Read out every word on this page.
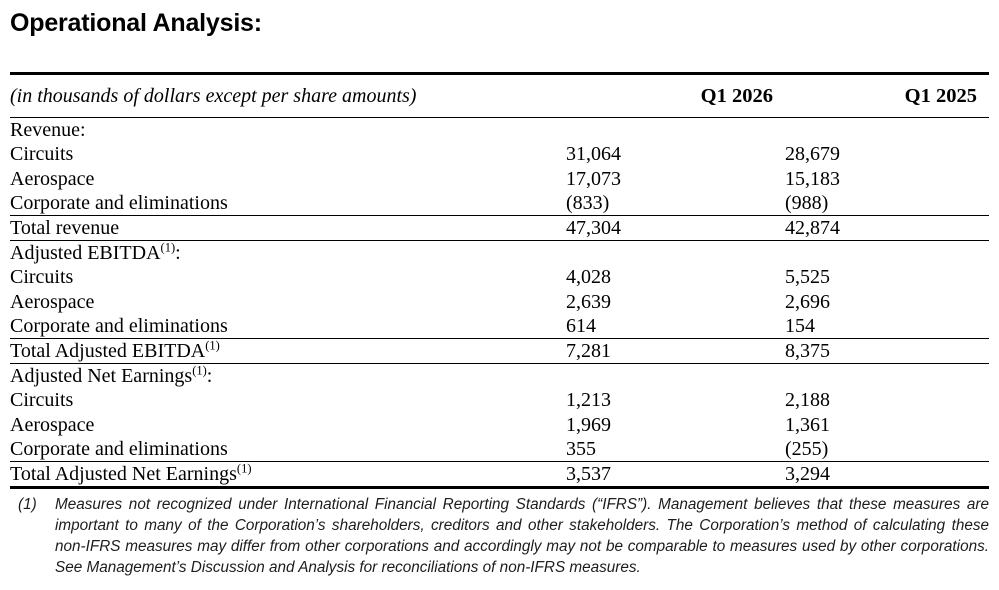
Operational Analysis:
(in thousands of dollars except per share amounts)	Q1 2026	Q1 2025
Revenue:		
Circuits	31,064	28,679
Aerospace	17,073	15,183
Corporate and eliminations	(833)	(988)
Total revenue	47,304	42,874
Adjusted EBITDA$^{(1)}$:		
Circuits	4,028	5,525
Aerospace	2,639	2,696
Corporate and eliminations	614	154
Total Adjusted EBITDA$^{(1)}$	7,281	8,375
Adjusted Net Earnings$^{(1)}$:		
Circuits	1,213	2,188
Aerospace	1,969	1,361
Corporate and eliminations	355	(255)
Total Adjusted Net Earnings$^{(1)}$	3,537	3,294
(1) Measures not recognized under International Financial Reporting Standards (“IFRS”). Management believes that these measures are important to many of the Corporation’s shareholders, creditors and other stakeholders. The Corporation’s method of calculating these non-IFRS measures may differ from other corporations and accordingly may not be comparable to measures used by other corporations. See Management’s Discussion and Analysis for reconciliations of non-IFRS measures.
